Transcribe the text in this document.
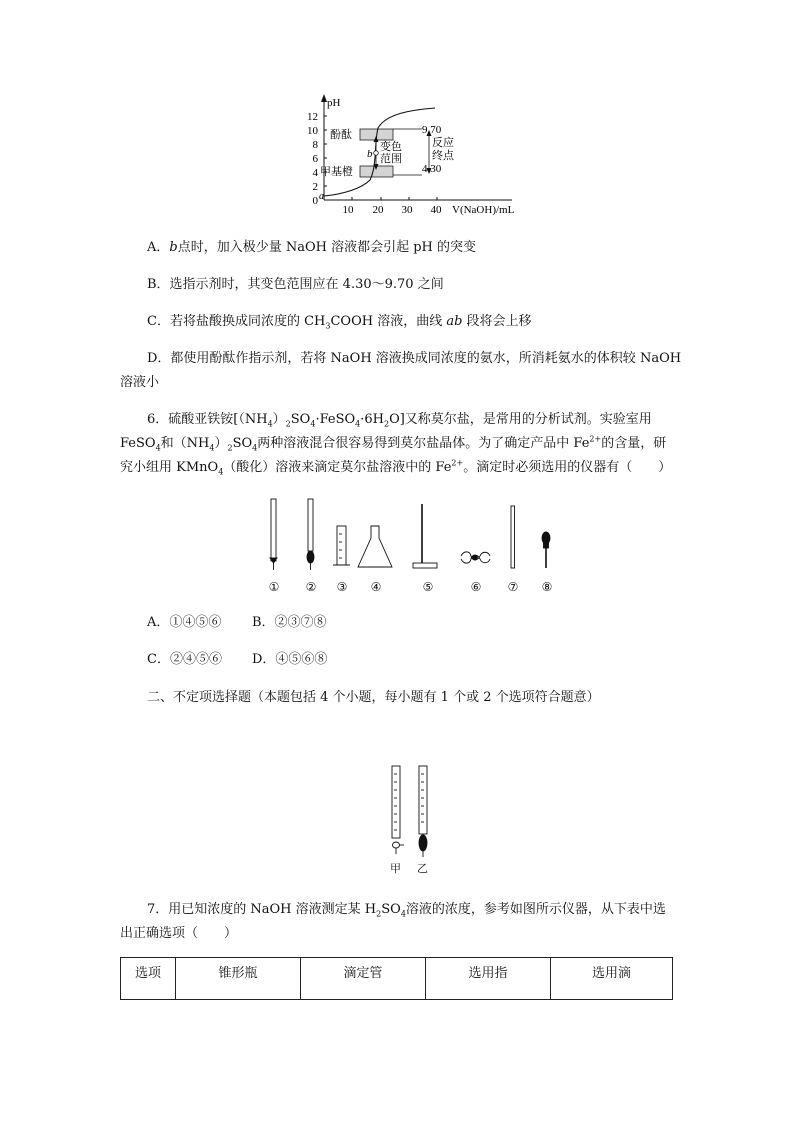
pH
12
10
8
6
4
2
0
10 20 30 40 V(NaOH)/mL
酚酞
甲基橙
变色
范围
反应
终点
9.70
4.30
b
a
A．b点时，加入极少量 NaOH 溶液都会引起 pH 的突变
B．选指示剂时，其变色范围应在 4.30～9.70 之间
C．若将盐酸换成同浓度的 $CH_3COOH$ 溶液，曲线 ab 段将会上移
D．都使用酚酞作指示剂，若将 NaOH 溶液换成同浓度的氨水，所消耗氨水的体积较 NaOH
溶液小
6．硫酸亚铁铵$[(NH_4)_2SO_4\cdot FeSO_4\cdot 6H_2O]$又称莫尔盐，是常用的分析试剂。实验室用
FeSO$_4$和$(NH_4)_2SO_4$两种溶液混合很容易得到莫尔盐晶体。为了确定产品中 $Fe^{2+}$的含量，研
究小组用 KMnO$_4$（酸化）溶液来滴定莫尔盐溶液中的 $Fe^{2+}$。滴定时必须选用的仪器有（　　）
① ② ③ ④	⑤	⑥ ⑦ ⑧
A．①④⑤⑥ B．②③⑦⑧
C．②④⑤⑥ D．④⑤⑥⑧
二、不定项选择题（本题包括 4 个小题，每小题有 1 个或 2 个选项符合题意）
甲 乙
7．用已知浓度的 NaOH 溶液测定某 $H_2SO_4$溶液的浓度，参考如图所示仪器，从下表中选
出正确选项（　　）
选项	锥形瓶	滴定管	选用指	选用滴
